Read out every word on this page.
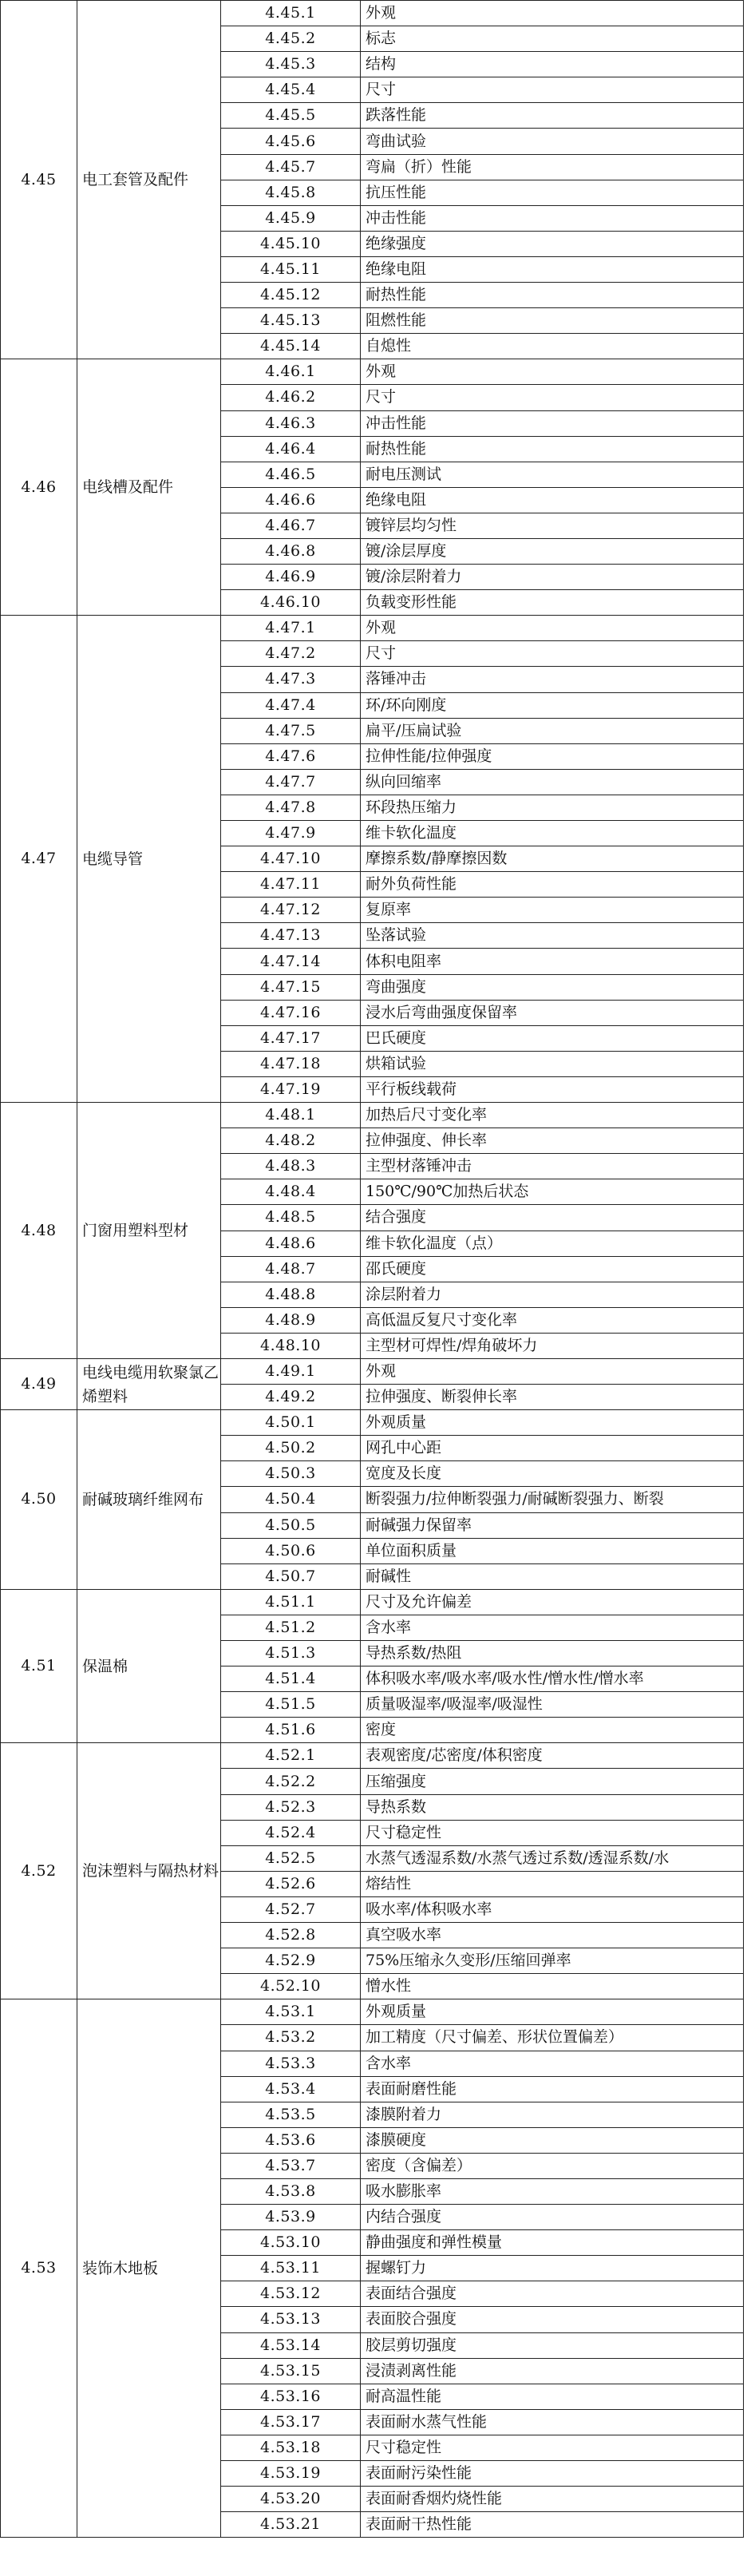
4.45	电工套管及配件	4.45.1	外观
		4.45.2	标志
		4.45.3	结构
		4.45.4	尺寸
		4.45.5	跌落性能
		4.45.6	弯曲试验
		4.45.7	弯扁（折）性能
		4.45.8	抗压性能
		4.45.9	冲击性能
		4.45.10	绝缘强度
		4.45.11	绝缘电阻
		4.45.12	耐热性能
		4.45.13	阻燃性能
		4.45.14	自熄性
4.46	电线槽及配件	4.46.1	外观
		4.46.2	尺寸
		4.46.3	冲击性能
		4.46.4	耐热性能
		4.46.5	耐电压测试
		4.46.6	绝缘电阻
		4.46.7	镀锌层均匀性
		4.46.8	镀/涂层厚度
		4.46.9	镀/涂层附着力
		4.46.10	负载变形性能
4.47	电缆导管	4.47.1	外观
		4.47.2	尺寸
		4.47.3	落锤冲击
		4.47.4	环/环向刚度
		4.47.5	扁平/压扁试验
		4.47.6	拉伸性能/拉伸强度
		4.47.7	纵向回缩率
		4.47.8	环段热压缩力
		4.47.9	维卡软化温度
		4.47.10	摩擦系数/静摩擦因数
		4.47.11	耐外负荷性能
		4.47.12	复原率
		4.47.13	坠落试验
		4.47.14	体积电阻率
		4.47.15	弯曲强度
		4.47.16	浸水后弯曲强度保留率
		4.47.17	巴氏硬度
		4.47.18	烘箱试验
		4.47.19	平行板线载荷
4.48	门窗用塑料型材	4.48.1	加热后尺寸变化率
		4.48.2	拉伸强度、伸长率
		4.48.3	主型材落锤冲击
		4.48.4	150℃/90℃加热后状态
		4.48.5	结合强度
		4.48.6	维卡软化温度（点）
		4.48.7	邵氏硬度
		4.48.8	涂层附着力
		4.48.9	高低温反复尺寸变化率
		4.48.10	主型材可焊性/焊角破坏力
4.49	电线电缆用软聚氯乙烯塑料	4.49.1	外观
		4.49.2	拉伸强度、断裂伸长率
4.50	耐碱玻璃纤维网布	4.50.1	外观质量
		4.50.2	网孔中心距
		4.50.3	宽度及长度
		4.50.4	断裂强力/拉伸断裂强力/耐碱断裂强力、断裂
		4.50.5	耐碱强力保留率
		4.50.6	单位面积质量
		4.50.7	耐碱性
4.51	保温棉	4.51.1	尺寸及允许偏差
		4.51.2	含水率
		4.51.3	导热系数/热阻
		4.51.4	体积吸水率/吸水率/吸水性/憎水性/憎水率
		4.51.5	质量吸湿率/吸湿率/吸湿性
		4.51.6	密度
4.52	泡沫塑料与隔热材料	4.52.1	表观密度/芯密度/体积密度
		4.52.2	压缩强度
		4.52.3	导热系数
		4.52.4	尺寸稳定性
		4.52.5	水蒸气透湿系数/水蒸气透过系数/透湿系数/水
		4.52.6	熔结性
		4.52.7	吸水率/体积吸水率
		4.52.8	真空吸水率
		4.52.9	75%压缩永久变形/压缩回弹率
		4.52.10	憎水性
4.53	装饰木地板	4.53.1	外观质量
		4.53.2	加工精度（尺寸偏差、形状位置偏差）
		4.53.3	含水率
		4.53.4	表面耐磨性能
		4.53.5	漆膜附着力
		4.53.6	漆膜硬度
		4.53.7	密度（含偏差）
		4.53.8	吸水膨胀率
		4.53.9	内结合强度
		4.53.10	静曲强度和弹性模量
		4.53.11	握螺钉力
		4.53.12	表面结合强度
		4.53.13	表面胶合强度
		4.53.14	胶层剪切强度
		4.53.15	浸渍剥离性能
		4.53.16	耐高温性能
		4.53.17	表面耐水蒸气性能
		4.53.18	尺寸稳定性
		4.53.19	表面耐污染性能
		4.53.20	表面耐香烟灼烧性能
		4.53.21	表面耐干热性能
